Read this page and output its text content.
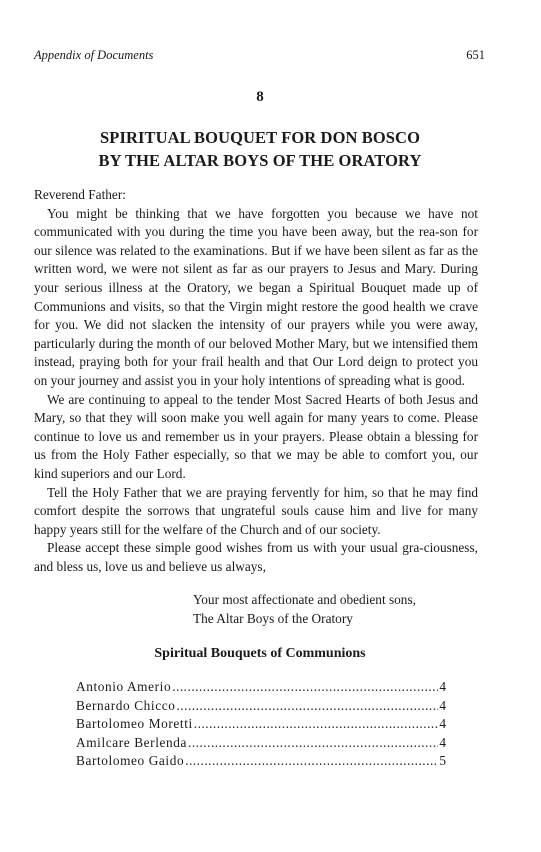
Appendix of Documents	651
8
SPIRITUAL BOUQUET FOR DON BOSCO
BY THE ALTAR BOYS OF THE ORATORY

Reverend Father:

You might be thinking that we have forgotten you because we have not communicated with you during the time you have been away, but the rea-son for our silence was related to the examinations. But if we have been silent as far as the written word, we were not silent as far as our prayers to Jesus and Mary. During your serious illness at the Oratory, we began a Spiritual Bouquet made up of Communions and visits, so that the Virgin might restore the good health we crave for you. We did not slacken the intensity of our prayers while you were away, particularly during the month of our beloved Mother Mary, but we intensified them instead, praying both for your frail health and that Our Lord deign to protect you on your journey and assist you in your holy intentions of spreading what is good.

We are continuing to appeal to the tender Most Sacred Hearts of both Jesus and Mary, so that they will soon make you well again for many years to come. Please continue to love us and remember us in your prayers. Please obtain a blessing for us from the Holy Father especially, so that we may be able to comfort you, our kind superiors and our Lord.

Tell the Holy Father that we are praying fervently for him, so that he may find comfort despite the sorrows that ungrateful souls cause him and live for many happy years still for the welfare of the Church and of our society.

Please accept these simple good wishes from us with your usual gra-ciousness, and bless us, love us and believe us always,

Your most affectionate and obedient sons,
The Altar Boys of the Oratory
Spiritual Bouquets of Communions
Antonio Amerio .....	4
Bernardo Chicco .....	4
Bartolomeo Moretti .....	4
Amilcare Berlenda .....	4
Bartolomeo Gaido .....	5
